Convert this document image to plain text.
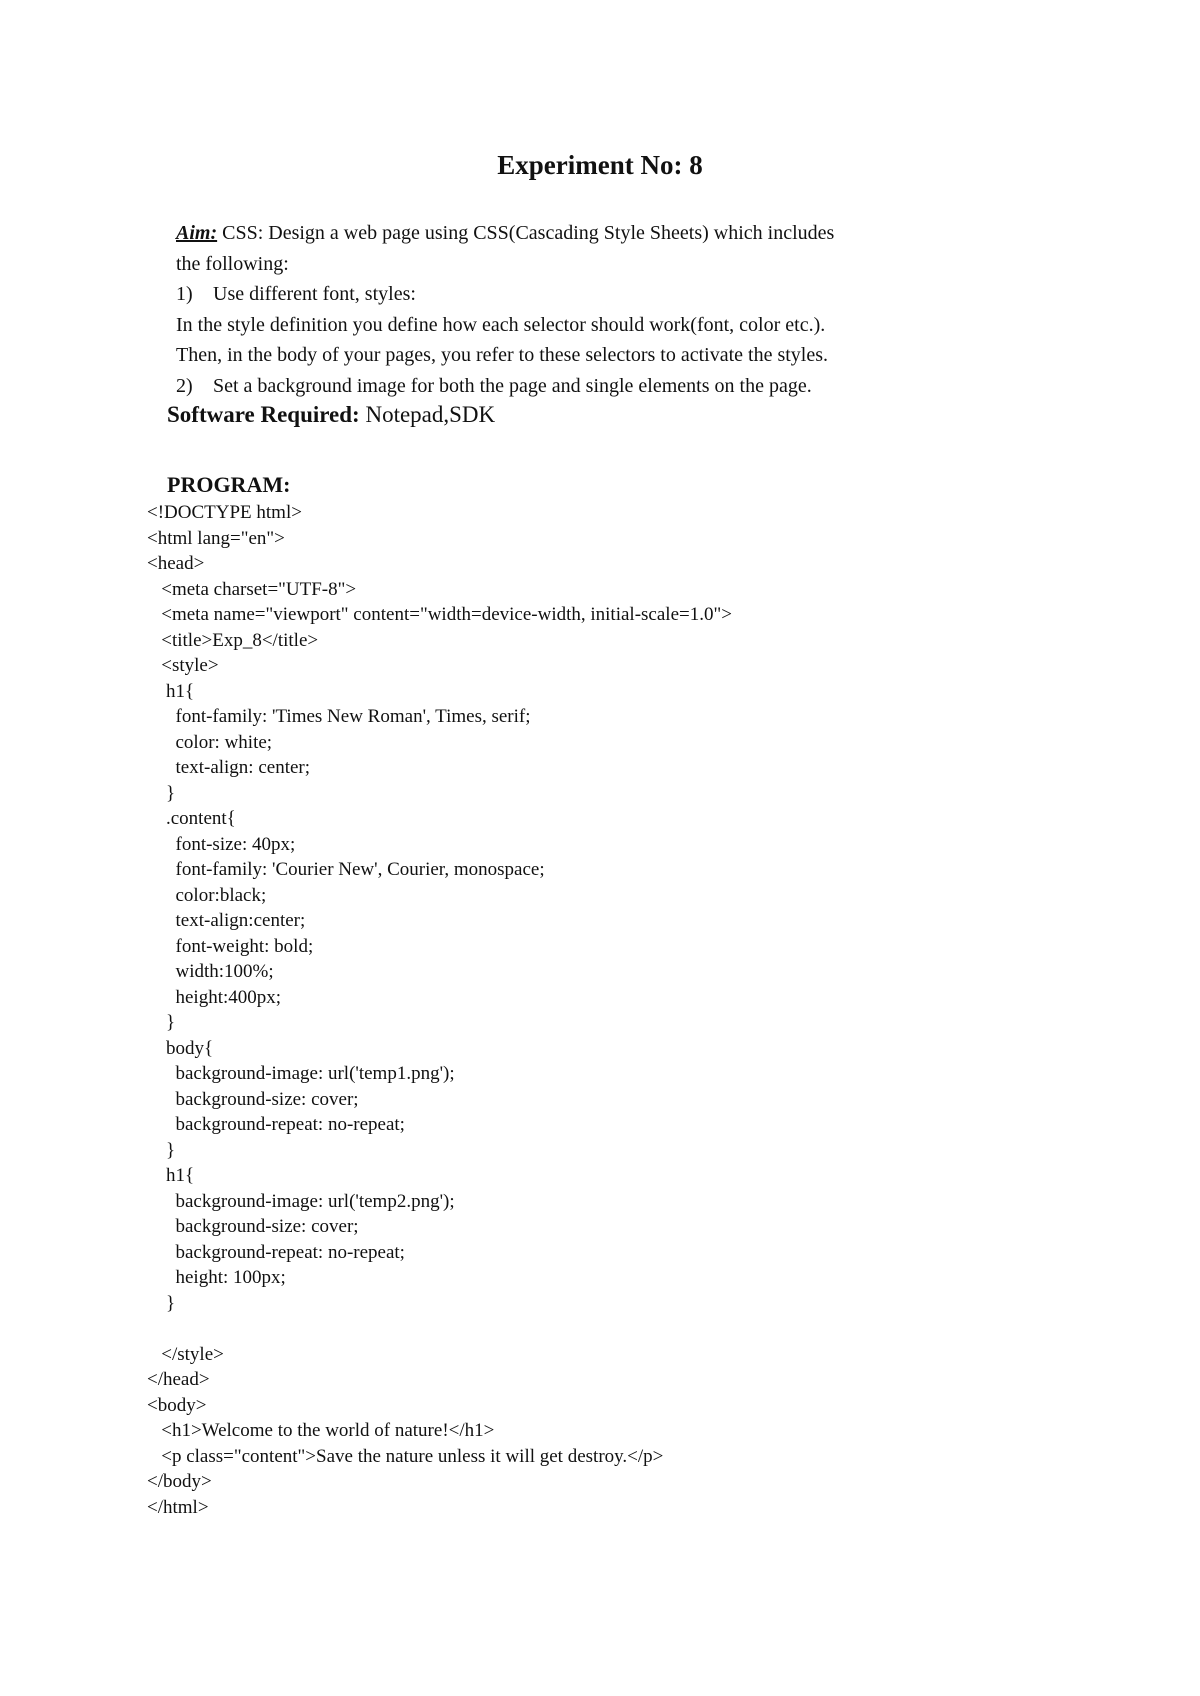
Experiment No: 8

Aim: CSS: Design a web page using CSS(Cascading Style Sheets) which includes

the following:

1) Use different font, styles:

In the style definition you define how each selector should work(font, color etc.).

Then, in the body of your pages, you refer to these selectors to activate the styles.

2) Set a background image for both the page and single elements on the page.

Software Required: Notepad,SDK
PROGRAM:
<!DOCTYPE html>
<html lang="en">
<head>
<meta charset="UTF-8">
<meta name="viewport" content="width=device-width, initial-scale=1.0">
<title>Exp_8</title>
<style>
h1{
font-family: 'Times New Roman', Times, serif;
color: white;
text-align: center;
}
.content{
font-size: 40px;
font-family: 'Courier New', Courier, monospace;
color:black;
text-align:center;
font-weight: bold;
width:100%;
height:400px;
}
body{
background-image: url('temp1.png');
background-size: cover;
background-repeat: no-repeat;
}
h1{
background-image: url('temp2.png');
background-size: cover;
background-repeat: no-repeat;
height: 100px;
}
</style>
</head>
<body>
<h1>Welcome to the world of nature!</h1>
<p class="content">Save the nature unless it will get destroy.</p>
</body>
</html>
